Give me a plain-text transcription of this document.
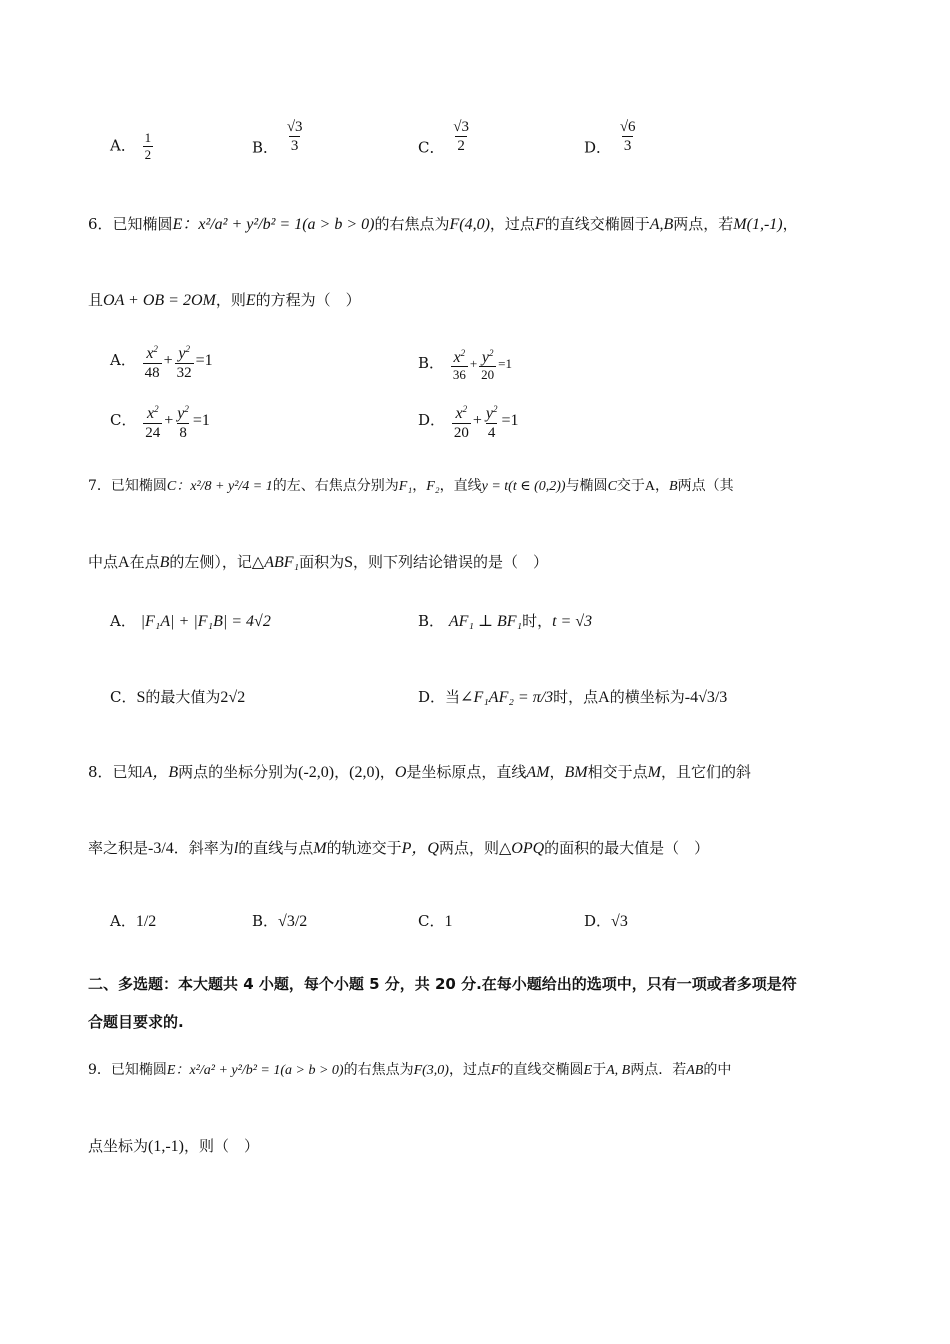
A． $\frac{1}{2}$	B． $\frac{√3}{3}$	C． $\frac{√3}{2}$	D． $\frac{√6}{3}$
6．已知椭圆E：x²/a² + y²/b² = 1(a > b > 0)的右焦点为F(4,0)，过点F的直线交椭圆于A,B两点，若M(1,-1)，
且OA + OB = 2OM，则E的方程为（　）
A． $\frac{x^2}{48} + \frac{y^2}{32} =1$	B． $\frac{x^2}{36} + \frac{y^2}{20} =1$
C． $\frac{x^2}{24} + \frac{y^2}{8} =1$	D． $\frac{x^2}{20} + \frac{y^2}{4} =1$
7．已知椭圆C：x²/8 + y²/4 = 1的左、右焦点分别为F₁，F₂，直线y = t(t ∈ (0,2))与椭圆C交于A，B两点（其
中点A在点B的左侧），记△ABF₁面积为S，则下列结论错误的是（　）
A． |F₁A| + |F₁B| = 4√2	B． AF₁ ⊥ BF₁时，t = √3
C．S的最大值为2√2	D．当∠F₁AF₂ = π/3时，点A的横坐标为-4√3/3
8．已知A，B两点的坐标分别为(-2,0)，(2,0)，O是坐标原点，直线AM，BM相交于点M，且它们的斜
率之积是-3/4．斜率为l的直线与点M的轨迹交于P，Q两点，则△OPQ的面积的最大值是（　）
A．1/2	B．√3/2	C．1	D．√3
二、多选题：本大题共 4 小题，每个小题 5 分，共 20 分.在每小题给出的选项中，只有一项或者多项是符
合题目要求的.
9．已知椭圆E：x²/a² + y²/b² = 1(a > b > 0)的右焦点为F(3,0)，过点F的直线交椭圆E于A, B两点．若AB的中
点坐标为(1,-1)，则（　）
